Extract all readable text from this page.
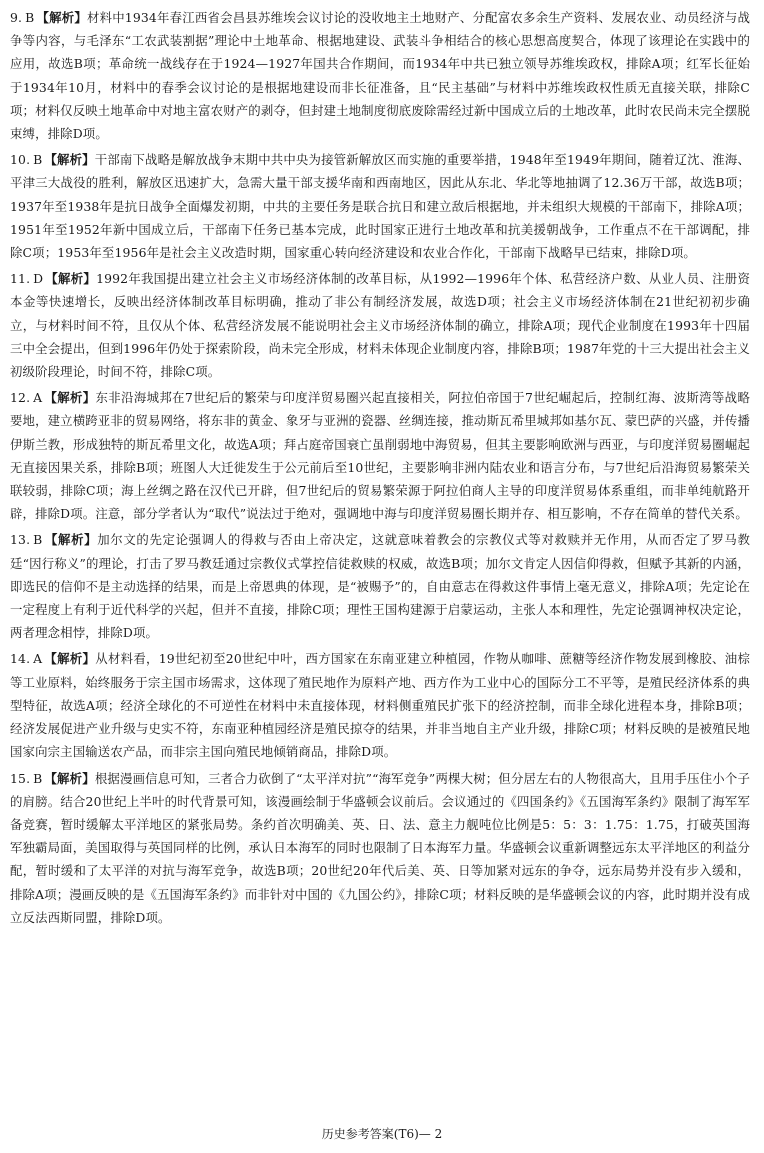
9. B 【解析】材料中1934年春江西省会昌县苏维埃会议讨论的没收地主土地财产、分配富农多余生产资料、发展农业、动员经济与战争等内容，与毛泽东“工农武装割据”理论中土地革命、根据地建设、武装斗争相结合的核心思想高度契合，体现了该理论在实践中的应用，故选B项；革命统一战线存在于1924—1927年国共合作期间，而1934年中共已独立领导苏维埃政权，排除A项；红军长征始于1934年10月，材料中的春季会议讨论的是根据地建设而非长征准备，且“民主基础”与材料中苏维埃政权性质无直接关联，排除C项；材料仅反映土地革命中对地主富农财产的剥夺，但封建土地制度彻底废除需经过新中国成立后的土地改革，此时农民尚未完全摆脱束缚，排除D项。

10. B 【解析】干部南下战略是解放战争末期中共中央为接管新解放区而实施的重要举措，1948年至1949年期间，随着辽沈、淮海、平津三大战役的胜利，解放区迅速扩大，急需大量干部支援华南和西南地区，因此从东北、华北等地抽调了12.36万干部，故选B项；1937年至1938年是抗日战争全面爆发初期，中共的主要任务是联合抗日和建立敌后根据地，并未组织大规模的干部南下，排除A项；1951年至1952年新中国成立后，干部南下任务已基本完成，此时国家正进行土地改革和抗美援朝战争，工作重点不在干部调配，排除C项；1953年至1956年是社会主义改造时期，国家重心转向经济建设和农业合作化，干部南下战略早已结束，排除D项。

11. D 【解析】1992年我国提出建立社会主义市场经济体制的改革目标，从1992—1996年个体、私营经济户数、从业人员、注册资本金等快速增长，反映出经济体制改革目标明确，推动了非公有制经济发展，故选D项；社会主义市场经济体制在21世纪初初步确立，与材料时间不符，且仅从个体、私营经济发展不能说明社会主义市场经济体制的确立，排除A项；现代企业制度在1993年十四届三中全会提出，但到1996年仍处于探索阶段，尚未完全形成，材料未体现企业制度内容，排除B项；1987年党的十三大提出社会主义初级阶段理论，时间不符，排除C项。

12. A 【解析】东非沿海城邦在7世纪后的繁荣与印度洋贸易圈兴起直接相关，阿拉伯帝国于7世纪崛起后，控制红海、波斯湾等战略要地，建立横跨亚非的贸易网络，将东非的黄金、象牙与亚洲的瓷器、丝绸连接，推动斯瓦希里城邦如基尔瓦、蒙巴萨的兴盛，并传播伊斯兰教，形成独特的斯瓦希里文化，故选A项；拜占庭帝国衰亡虽削弱地中海贸易，但其主要影响欧洲与西亚，与印度洋贸易圈崛起无直接因果关系，排除B项；班图人大迁徙发生于公元前后至10世纪，主要影响非洲内陆农业和语言分布，与7世纪后沿海贸易繁荣关联较弱，排除C项；海上丝绸之路在汉代已开辟，但7世纪后的贸易繁荣源于阿拉伯商人主导的印度洋贸易体系重组，而非单纯航路开辟，排除D项。注意，部分学者认为“取代”说法过于绝对，强调地中海与印度洋贸易圈长期并存、相互影响，不存在简单的替代关系。

13. B 【解析】加尔文的先定论强调人的得救与否由上帝决定，这就意味着教会的宗教仪式等对救赎并无作用，从而否定了罗马教廷“因行称义”的理论，打击了罗马教廷通过宗教仪式掌控信徒救赎的权威，故选B项；加尔文肯定人因信仰得救，但赋予其新的内涵，即选民的信仰不是主动选择的结果，而是上帝恩典的体现，是“被赐予”的，自由意志在得救这件事情上毫无意义，排除A项；先定论在一定程度上有利于近代科学的兴起，但并不直接，排除C项；理性王国构建源于启蒙运动，主张人本和理性，先定论强调神权决定论，两者理念相悖，排除D项。

14. A 【解析】从材料看，19世纪初至20世纪中叶，西方国家在东南亚建立种植园，作物从咖啡、蔗糖等经济作物发展到橡胶、油棕等工业原料，始终服务于宗主国市场需求，这体现了殖民地作为原料产地、西方作为工业中心的国际分工不平等，是殖民经济体系的典型特征，故选A项；经济全球化的不可逆性在材料中未直接体现，材料侧重殖民扩张下的经济控制，而非全球化进程本身，排除B项；经济发展促进产业升级与史实不符，东南亚种植园经济是殖民掠夺的结果，并非当地自主产业升级，排除C项；材料反映的是被殖民地国家向宗主国输送农产品，而非宗主国向殖民地倾销商品，排除D项。

15. B 【解析】根据漫画信息可知，三者合力砍倒了“太平洋对抗”“海军竞争”两棵大树；但分居左右的人物很高大，且用手压住小个子的肩膀。结合20世纪上半叶的时代背景可知，该漫画绘制于华盛顿会议前后。会议通过的《四国条约》《五国海军条约》限制了海军军备竞赛，暂时缓解太平洋地区的紧张局势。条约首次明确美、英、日、法、意主力舰吨位比例是5：5：3：1.75：1.75，打破英国海军独霸局面，美国取得与英国同样的比例，承认日本海军的同时也限制了日本海军力量。华盛顿会议重新调整远东太平洋地区的利益分配，暂时缓和了太平洋的对抗与海军竞争，故选B项；20世纪20年代后美、英、日等加紧对远东的争夺，远东局势并没有步入缓和，排除A项；漫画反映的是《五国海军条约》而非针对中国的《九国公约》，排除C项；材料反映的是华盛顿会议的内容，此时期并没有成立反法西斯同盟，排除D项。

历史参考答案(T6)— 2
